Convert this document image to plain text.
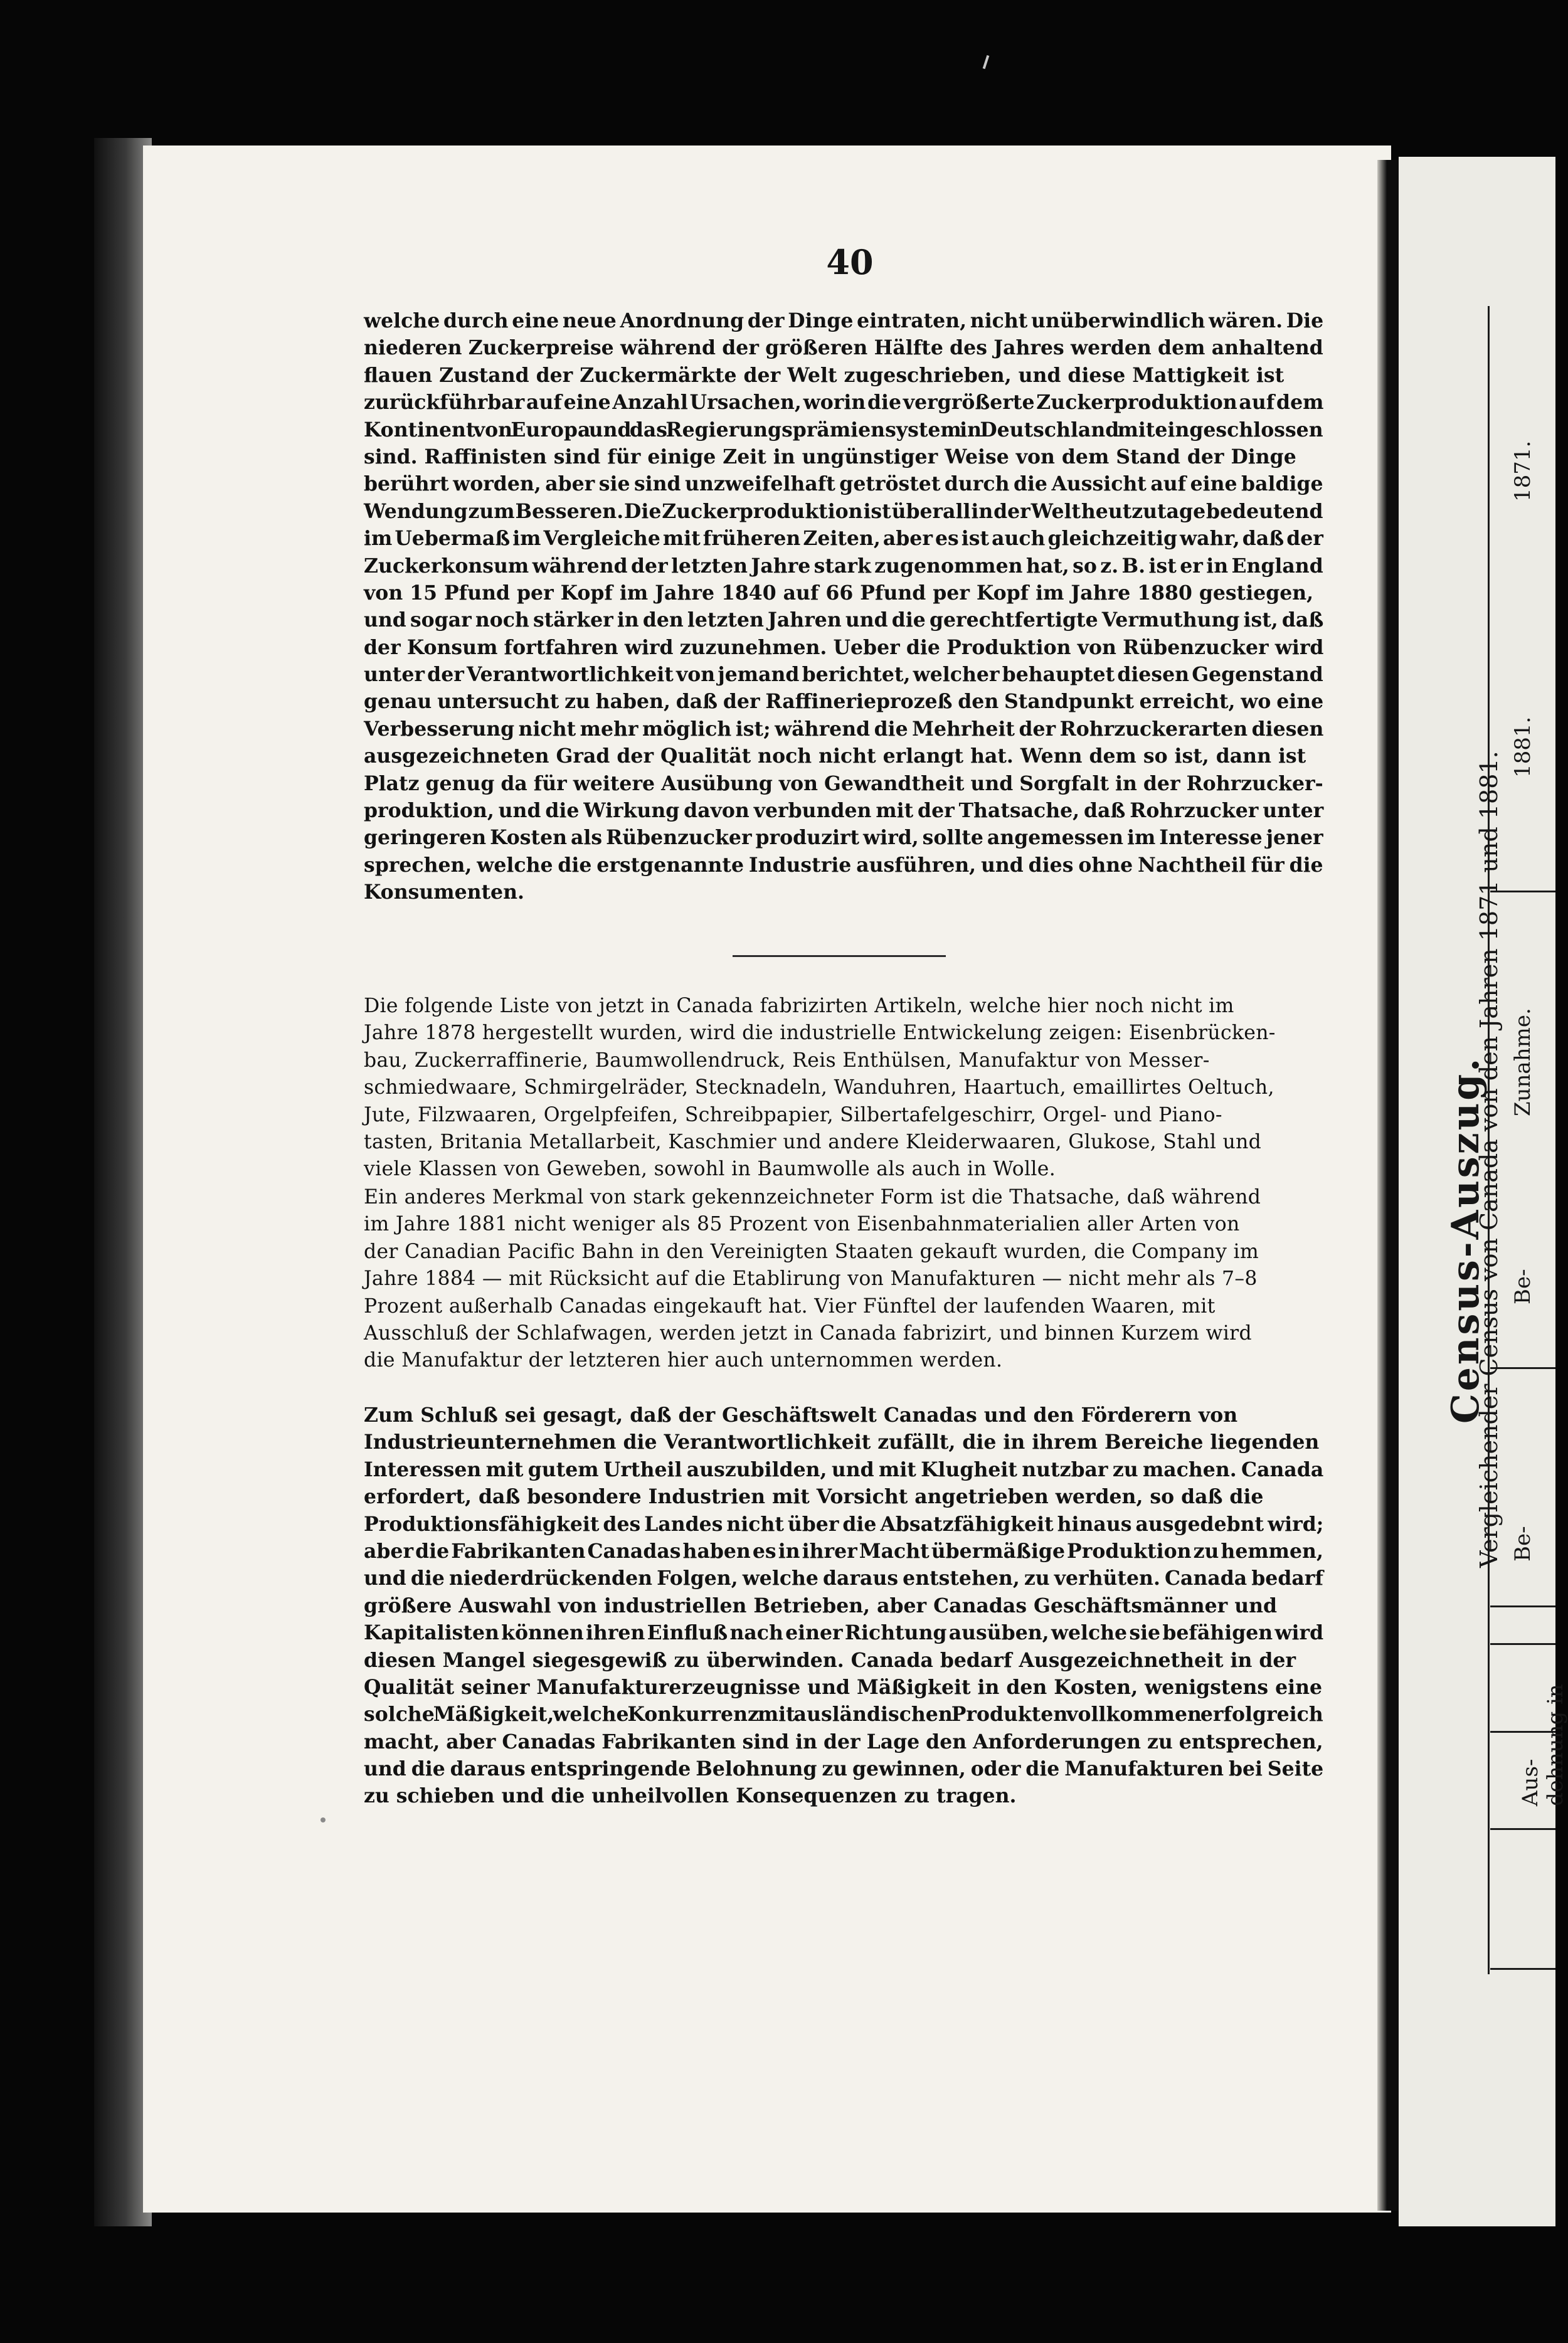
40
welche durch eine neue Anordnung der Dinge eintraten, nicht unüberwindlich wären. Die
niederen Zuckerpreise während der größeren Hälfte des Jahres werden dem anhaltend
flauen Zustand der Zuckermärkte der Welt zugeschrieben, und diese Mattigkeit ist
zurückführbar auf eine Anzahl Ursachen, worin die vergrößerte Zuckerproduktion auf dem
Kontinent von Europa und das Regierungsprämiensystem in Deutschland miteingeschlossen
sind. Raffinisten sind für einige Zeit in ungünstiger Weise von dem Stand der Dinge
berührt worden, aber sie sind unzweifelhaft getröstet durch die Aussicht auf eine baldige
Wendung zum Besseren. Die Zuckerproduktion ist überall in der Welt heutzutage bedeutend
im Uebermaß im Vergleiche mit früheren Zeiten, aber es ist auch gleichzeitig wahr, daß der
Zuckerkonsum während der letzten Jahre stark zugenommen hat, so z. B. ist er in England
von 15 Pfund per Kopf im Jahre 1840 auf 66 Pfund per Kopf im Jahre 1880 gestiegen,
und sogar noch stärker in den letzten Jahren und die gerechtfertigte Vermuthung ist, daß
der Konsum fortfahren wird zuzunehmen. Ueber die Produktion von Rübenzucker wird
unter der Verantwortlichkeit von jemand berichtet, welcher behauptet diesen Gegenstand
genau untersucht zu haben, daß der Raffinerieprozeß den Standpunkt erreicht, wo eine
Verbesserung nicht mehr möglich ist; während die Mehrheit der Rohrzuckerarten diesen
ausgezeichneten Grad der Qualität noch nicht erlangt hat. Wenn dem so ist, dann ist
Platz genug da für weitere Ausübung von Gewandtheit und Sorgfalt in der Rohrzucker-
produktion, und die Wirkung davon verbunden mit der Thatsache, daß Rohrzucker unter
geringeren Kosten als Rübenzucker produzirt wird, sollte angemessen im Interesse jener
sprechen, welche die erstgenannte Industrie ausführen, und dies ohne Nachtheil für die
Konsumenten.
Die folgende Liste von jetzt in Canada fabrizirten Artikeln, welche hier noch nicht im
Jahre 1878 hergestellt wurden, wird die industrielle Entwickelung zeigen: Eisenbrücken-
bau, Zuckerraffinerie, Baumwollendruck, Reis Enthülsen, Manufaktur von Messer-
schmiedwaare, Schmirgelräder, Stecknadeln, Wanduhren, Haartuch, emaillirtes Oeltuch,
Jute, Filzwaaren, Orgelpfeifen, Schreibpapier, Silbertafelgeschirr, Orgel- und Piano-
tasten, Britania Metallarbeit, Kaschmier und andere Kleiderwaaren, Glukose, Stahl und
viele Klassen von Geweben, sowohl in Baumwolle als auch in Wolle.
Ein anderes Merkmal von stark gekennzeichneter Form ist die Thatsache, daß während
im Jahre 1881 nicht weniger als 85 Prozent von Eisenbahnmaterialien aller Arten von
der Canadian Pacific Bahn in den Vereinigten Staaten gekauft wurden, die Company im
Jahre 1884 — mit Rücksicht auf die Etablirung von Manufakturen — nicht mehr als 7–8
Prozent außerhalb Canadas eingekauft hat. Vier Fünftel der laufenden Waaren, mit
Ausschluß der Schlafwagen, werden jetzt in Canada fabrizirt, und binnen Kurzem wird
die Manufaktur der letzteren hier auch unternommen werden.
Zum Schluß sei gesagt, daß der Geschäftswelt Canadas und den Förderern von
Industrieunternehmen die Verantwortlichkeit zufällt, die in ihrem Bereiche liegenden
Interessen mit gutem Urtheil auszubilden, und mit Klugheit nutzbar zu machen. Canada
erfordert, daß besondere Industrien mit Vorsicht angetrieben werden, so daß die
Produktionsfähigkeit des Landes nicht über die Absatzfähigkeit hinaus ausgedebnt wird;
aber die Fabrikanten Canadas haben es in ihrer Macht übermäßige Produktion zu hemmen,
und die niederdrückenden Folgen, welche daraus entstehen, zu verhüten. Canada bedarf
größere Auswahl von industriellen Betrieben, aber Canadas Geschäftsmänner und
Kapitalisten können ihren Einfluß nach einer Richtung ausüben, welche sie befähigen wird
diesen Mangel siegesgewiß zu überwinden. Canada bedarf Ausgezeichnetheit in der
Qualität seiner Manufakturerzeugnisse und Mäßigkeit in den Kosten, wenigstens eine
solche Mäßigkeit, welche Konkurrenz mit ausländischen Produkten vollkommen erfolgreich
macht, aber Canadas Fabrikanten sind in der Lage den Anforderungen zu entsprechen,
und die daraus entspringende Belohnung zu gewinnen, oder die Manufakturen bei Seite
zu schieben und die unheilvollen Konsequenzen zu tragen.
Census-Auszug.
Vergleichender Census von Canada von den Jahren 1871 und 1881.
1871.
1881.
Zunahme.
Be-
Be-
Aus-
dehnung in
